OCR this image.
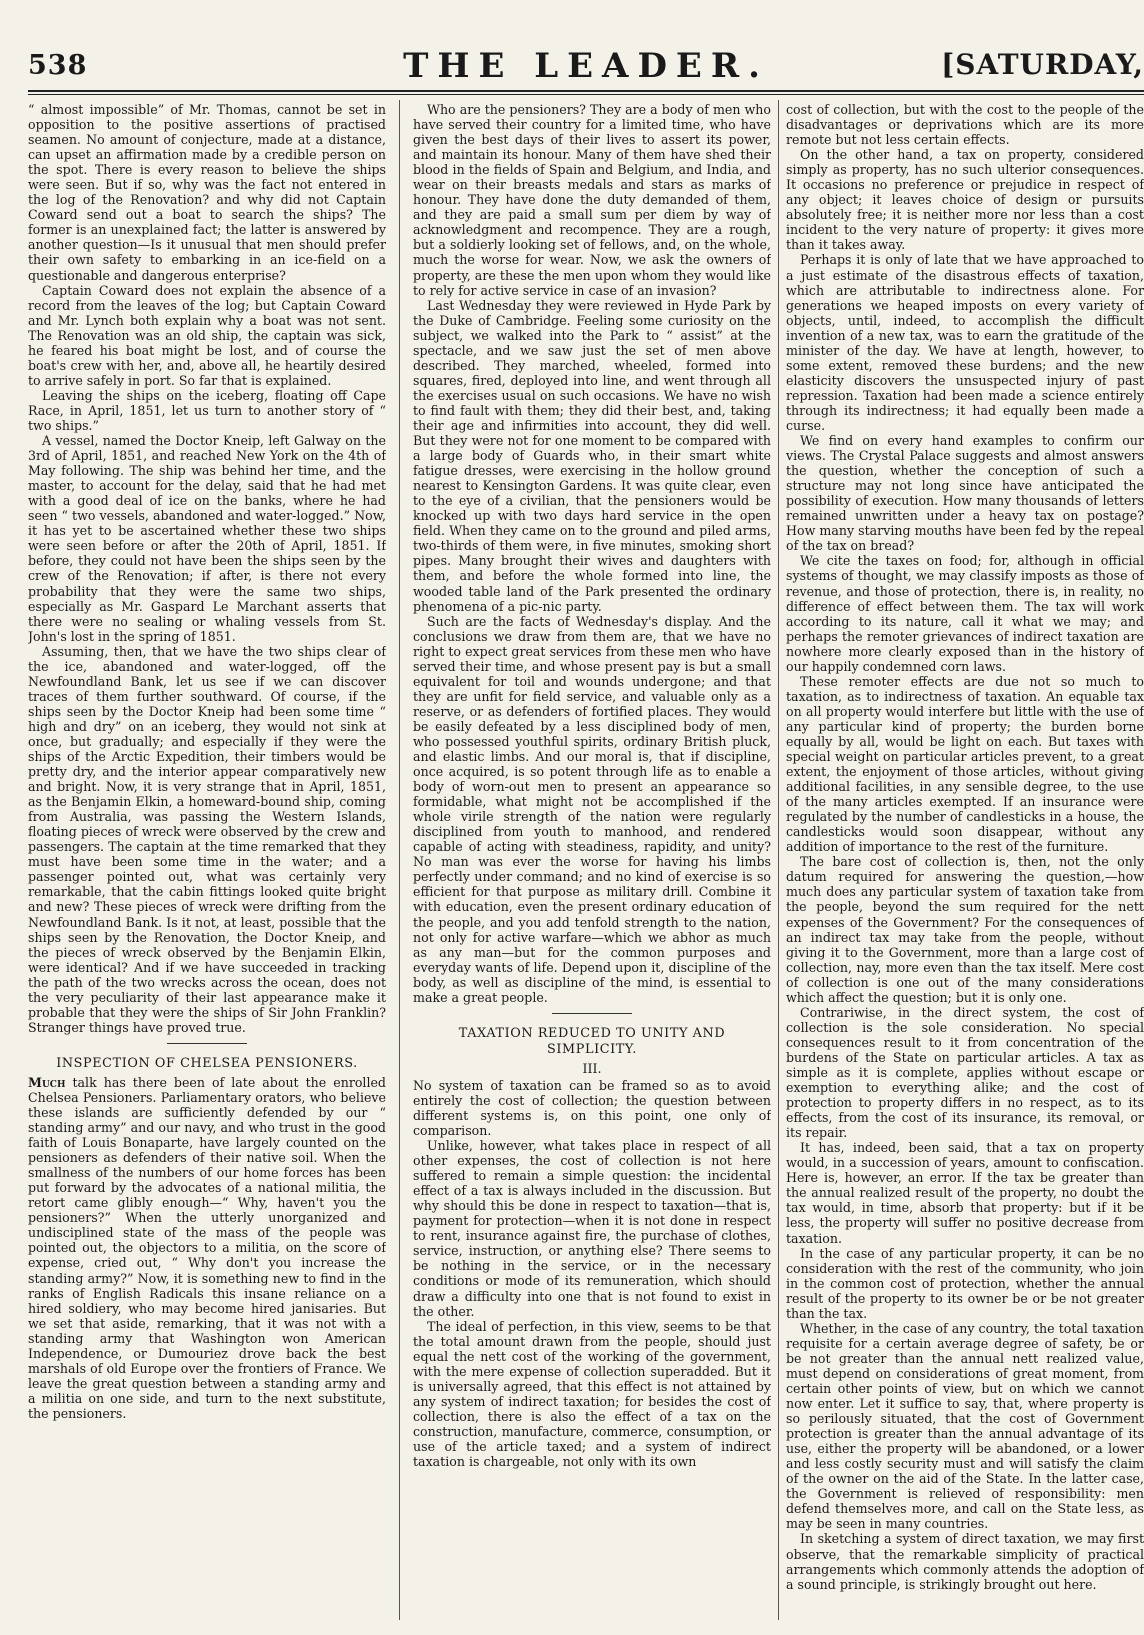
538	THE LEADER.	[SATURDAY,

“ almost impossible” of Mr. Thomas, cannot be set in opposition to the positive assertions of practised seamen. No amount of conjecture, made at a distance, can upset an affirmation made by a credible person on the spot. There is every reason to believe the ships were seen. But if so, why was the fact not entered in the log of the Renovation? and why did not Captain Coward send out a boat to search the ships? The former is an unexplained fact; the latter is answered by another question—Is it unusual that men should prefer their own safety to embarking in an ice-field on a questionable and dangerous enterprise?

Captain Coward does not explain the absence of a record from the leaves of the log; but Captain Coward and Mr. Lynch both explain why a boat was not sent. The Renovation was an old ship, the captain was sick, he feared his boat might be lost, and of course the boat's crew with her, and, above all, he heartily desired to arrive safely in port. So far that is explained.

Leaving the ships on the iceberg, floating off Cape Race, in April, 1851, let us turn to another story of “ two ships.”

A vessel, named the Doctor Kneip, left Galway on the 3rd of April, 1851, and reached New York on the 4th of May following. The ship was behind her time, and the master, to account for the delay, said that he had met with a good deal of ice on the banks, where he had seen “ two vessels, abandoned and water-logged.” Now, it has yet to be ascertained whether these two ships were seen before or after the 20th of April, 1851. If before, they could not have been the ships seen by the crew of the Renovation; if after, is there not every probability that they were the same two ships, especially as Mr. Gaspard Le Marchant asserts that there were no sealing or whaling vessels from St. John's lost in the spring of 1851.

Assuming, then, that we have the two ships clear of the ice, abandoned and water-logged, off the Newfoundland Bank, let us see if we can discover traces of them further southward. Of course, if the ships seen by the Doctor Kneip had been some time “ high and dry” on an iceberg, they would not sink at once, but gradually; and especially if they were the ships of the Arctic Expedition, their timbers would be pretty dry, and the interior appear comparatively new and bright. Now, it is very strange that in April, 1851, as the Benjamin Elkin, a homeward-bound ship, coming from Australia, was passing the Western Islands, floating pieces of wreck were observed by the crew and passengers. The captain at the time remarked that they must have been some time in the water; and a passenger pointed out, what was certainly very remarkable, that the cabin fittings looked quite bright and new? These pieces of wreck were drifting from the Newfoundland Bank. Is it not, at least, possible that the ships seen by the Renovation, the Doctor Kneip, and the pieces of wreck observed by the Benjamin Elkin, were identical? And if we have succeeded in tracking the path of the two wrecks across the ocean, does not the very peculiarity of their last appearance make it probable that they were the ships of Sir John Franklin? Stranger things have proved true.

INSPECTION OF CHELSEA PENSIONERS.

Much talk has there been of late about the enrolled Chelsea Pensioners. Parliamentary orators, who believe these islands are sufficiently defended by our “ standing army” and our navy, and who trust in the good faith of Louis Bonaparte, have largely counted on the pensioners as defenders of their native soil. When the smallness of the numbers of our home forces has been put forward by the advocates of a national militia, the retort came glibly enough—“ Why, haven't you the pensioners?” When the utterly unorganized and undisciplined state of the mass of the people was pointed out, the objectors to a militia, on the score of expense, cried out, “ Why don't you increase the standing army?” Now, it is something new to find in the ranks of English Radicals this insane reliance on a hired soldiery, who may become hired janisaries. But we set that aside, remarking, that it was not with a standing army that Washington won American Independence, or Dumouriez drove back the best marshals of old Europe over the frontiers of France. We leave the great question between a standing army and a militia on one side, and turn to the next substitute, the pensioners.

Who are the pensioners? They are a body of men who have served their country for a limited time, who have given the best days of their lives to assert its power, and maintain its honour. Many of them have shed their blood in the fields of Spain and Belgium, and India, and wear on their breasts medals and stars as marks of honour. They have done the duty demanded of them, and they are paid a small sum per diem by way of acknowledgment and recompence. They are a rough, but a soldierly looking set of fellows, and, on the whole, much the worse for wear. Now, we ask the owners of property, are these the men upon whom they would like to rely for active service in case of an invasion?

Last Wednesday they were reviewed in Hyde Park by the Duke of Cambridge. Feeling some curiosity on the subject, we walked into the Park to “ assist” at the spectacle, and we saw just the set of men above described. They marched, wheeled, formed into squares, fired, deployed into line, and went through all the exercises usual on such occasions. We have no wish to find fault with them; they did their best, and, taking their age and infirmities into account, they did well. But they were not for one moment to be compared with a large body of Guards who, in their smart white fatigue dresses, were exercising in the hollow ground nearest to Kensington Gardens. It was quite clear, even to the eye of a civilian, that the pensioners would be knocked up with two days hard service in the open field. When they came on to the ground and piled arms, two-thirds of them were, in five minutes, smoking short pipes. Many brought their wives and daughters with them, and before the whole formed into line, the wooded table land of the Park presented the ordinary phenomena of a pic-nic party.

Such are the facts of Wednesday's display. And the conclusions we draw from them are, that we have no right to expect great services from these men who have served their time, and whose present pay is but a small equivalent for toil and wounds undergone; and that they are unfit for field service, and valuable only as a reserve, or as defenders of fortified places. They would be easily defeated by a less disciplined body of men, who possessed youthful spirits, ordinary British pluck, and elastic limbs. And our moral is, that if discipline, once acquired, is so potent through life as to enable a body of worn-out men to present an appearance so formidable, what might not be accomplished if the whole virile strength of the nation were regularly disciplined from youth to manhood, and rendered capable of acting with steadiness, rapidity, and unity? No man was ever the worse for having his limbs perfectly under command; and no kind of exercise is so efficient for that purpose as military drill. Combine it with education, even the present ordinary education of the people, and you add tenfold strength to the nation, not only for active warfare—which we abhor as much as any man—but for the common purposes and everyday wants of life. Depend upon it, discipline of the body, as well as discipline of the mind, is essential to make a great people.

TAXATION REDUCED TO UNITY AND SIMPLICITY.
III.

No system of taxation can be framed so as to avoid entirely the cost of collection; the question between different systems is, on this point, one only of comparison.

Unlike, however, what takes place in respect of all other expenses, the cost of collection is not here suffered to remain a simple question: the incidental effect of a tax is always included in the discussion. But why should this be done in respect to taxation—that is, payment for protection—when it is not done in respect to rent, insurance against fire, the purchase of clothes, service, instruction, or anything else? There seems to be nothing in the service, or in the necessary conditions or mode of its remuneration, which should draw a difficulty into one that is not found to exist in the other.

The ideal of perfection, in this view, seems to be that the total amount drawn from the people, should just equal the nett cost of the working of the government, with the mere expense of collection superadded. But it is universally agreed, that this effect is not attained by any system of indirect taxation; for besides the cost of collection, there is also the effect of a tax on the construction, manufacture, commerce, consumption, or use of the article taxed; and a system of indirect taxation is chargeable, not only with its own

cost of collection, but with the cost to the people of the disadvantages or deprivations which are its more remote but not less certain effects.

On the other hand, a tax on property, considered simply as property, has no such ulterior consequences. It occasions no preference or prejudice in respect of any object; it leaves choice of design or pursuits absolutely free; it is neither more nor less than a cost incident to the very nature of property: it gives more than it takes away.

Perhaps it is only of late that we have approached to a just estimate of the disastrous effects of taxation, which are attributable to indirectness alone. For generations we heaped imposts on every variety of objects, until, indeed, to accomplish the difficult invention of a new tax, was to earn the gratitude of the minister of the day. We have at length, however, to some extent, removed these burdens; and the new elasticity discovers the unsuspected injury of past repression. Taxation had been made a science entirely through its indirectness; it had equally been made a curse.

We find on every hand examples to confirm our views. The Crystal Palace suggests and almost answers the question, whether the conception of such a structure may not long since have anticipated the possibility of execution. How many thousands of letters remained unwritten under a heavy tax on postage? How many starving mouths have been fed by the repeal of the tax on bread?

We cite the taxes on food; for, although in official systems of thought, we may classify imposts as those of revenue, and those of protection, there is, in reality, no difference of effect between them. The tax will work according to its nature, call it what we may; and perhaps the remoter grievances of indirect taxation are nowhere more clearly exposed than in the history of our happily condemned corn laws.

These remoter effects are due not so much to taxation, as to indirectness of taxation. An equable tax on all property would interfere but little with the use of any particular kind of property; the burden borne equally by all, would be light on each. But taxes with special weight on particular articles prevent, to a great extent, the enjoyment of those articles, without giving additional facilities, in any sensible degree, to the use of the many articles exempted. If an insurance were regulated by the number of candlesticks in a house, the candlesticks would soon disappear, without any addition of importance to the rest of the furniture.

The bare cost of collection is, then, not the only datum required for answering the question,—how much does any particular system of taxation take from the people, beyond the sum required for the nett expenses of the Government? For the consequences of an indirect tax may take from the people, without giving it to the Government, more than a large cost of collection, nay, more even than the tax itself. Mere cost of collection is one out of the many considerations which affect the question; but it is only one.

Contrariwise, in the direct system, the cost of collection is the sole consideration. No special consequences result to it from concentration of the burdens of the State on particular articles. A tax as simple as it is complete, applies without escape or exemption to everything alike; and the cost of protection to property differs in no respect, as to its effects, from the cost of its insurance, its removal, or its repair.

It has, indeed, been said, that a tax on property would, in a succession of years, amount to confiscation. Here is, however, an error. If the tax be greater than the annual realized result of the property, no doubt the tax would, in time, absorb that property: but if it be less, the property will suffer no positive decrease from taxation.

In the case of any particular property, it can be no consideration with the rest of the community, who join in the common cost of protection, whether the annual result of the property to its owner be or be not greater than the tax.

Whether, in the case of any country, the total taxation requisite for a certain average degree of safety, be or be not greater than the annual nett realized value, must depend on considerations of great moment, from certain other points of view, but on which we cannot now enter. Let it suffice to say, that, where property is so perilously situated, that the cost of Government protection is greater than the annual advantage of its use, either the property will be abandoned, or a lower and less costly security must and will satisfy the claim of the owner on the aid of the State. In the latter case, the Government is relieved of responsibility: men defend themselves more, and call on the State less, as may be seen in many countries.

In sketching a system of direct taxation, we may first observe, that the remarkable simplicity of practical arrangements which commonly attends the adoption of a sound principle, is strikingly brought out here.
